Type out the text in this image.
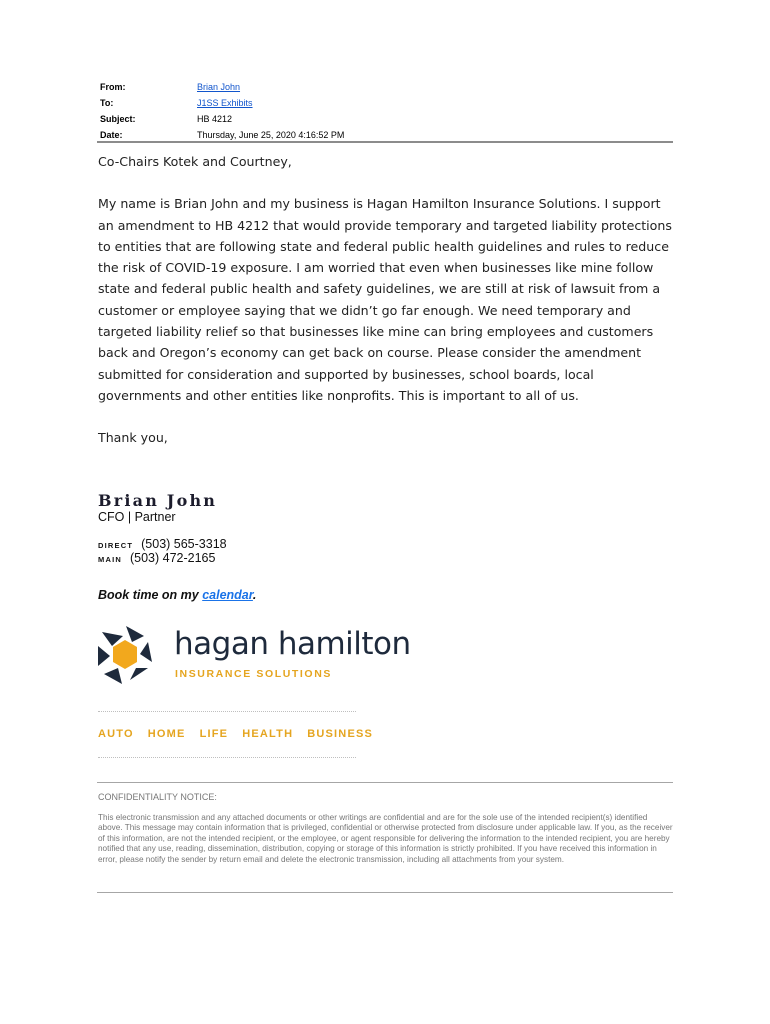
From:	Brian John
To:	J1SS Exhibits
Subject:	HB 4212
Date:	Thursday, June 25, 2020 4:16:52 PM

Co-Chairs Kotek and Courtney,

My name is Brian John and my business is Hagan Hamilton Insurance Solutions. I support an amendment to HB 4212 that would provide temporary and targeted liability protections to entities that are following state and federal public health guidelines and rules to reduce the risk of COVID-19 exposure. I am worried that even when businesses like mine follow state and federal public health and safety guidelines, we are still at risk of lawsuit from a customer or employee saying that we didn’t go far enough. We need temporary and targeted liability relief so that businesses like mine can bring employees and customers back and Oregon’s economy can get back on course. Please consider the amendment submitted for consideration and supported by businesses, school boards, local governments and other entities like nonprofits. This is important to all of us.

Thank you,

Brian John
CFO | Partner
DIRECT (503) 565-3318
MAIN (503) 472-2165
Book time on my calendar.
hagan hamilton
INSURANCE SOLUTIONS
AUTO HOME LIFE HEALTH BUSINESS
CONFIDENTIALITY NOTICE:
This electronic transmission and any attached documents or other writings are confidential and are for the sole use of the intended recipient(s) identified above. This message may contain information that is privileged, confidential or otherwise protected from disclosure under applicable law. If you, as the receiver of this information, are not the intended recipient, or the employee, or agent responsible for delivering the information to the intended recipient, you are hereby notified that any use, reading, dissemination, distribution, copying or storage of this information is strictly prohibited. If you have received this information in error, please notify the sender by return email and delete the electronic transmission, including all attachments from your system.
